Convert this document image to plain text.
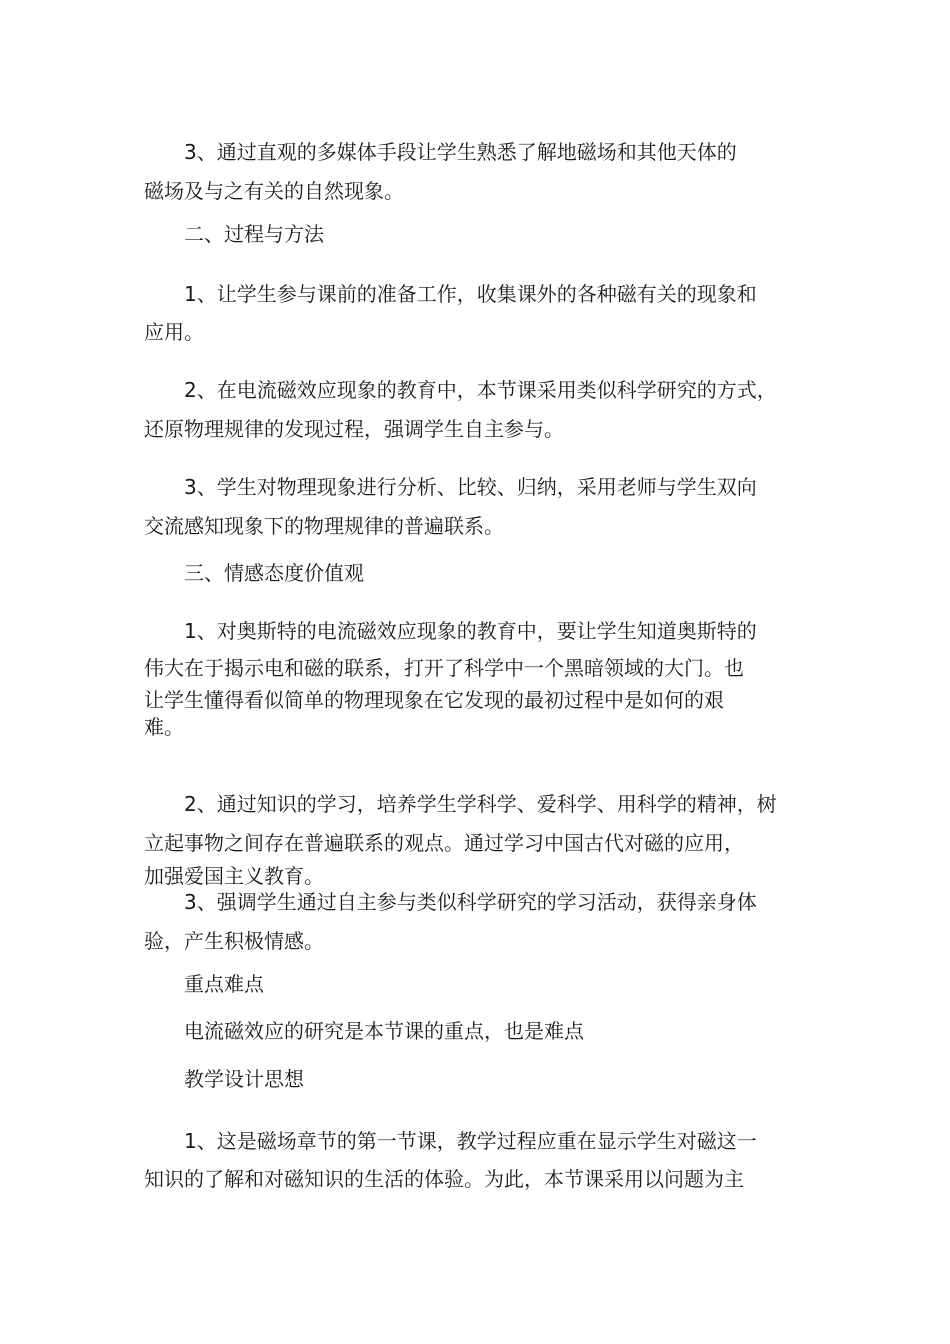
3、通过直观的多媒体手段让学生熟悉了解地磁场和其他天体的
磁场及与之有关的自然现象。
二、过程与方法
1、让学生参与课前的准备工作，收集课外的各种磁有关的现象和
应用。
2、在电流磁效应现象的教育中，本节课采用类似科学研究的方式，
还原物理规律的发现过程，强调学生自主参与。
3、学生对物理现象进行分析、比较、归纳，采用老师与学生双向
交流感知现象下的物理规律的普遍联系。
三、情感态度价值观
1、对奥斯特的电流磁效应现象的教育中，要让学生知道奥斯特的
伟大在于揭示电和磁的联系，打开了科学中一个黑暗领域的大门。也
让学生懂得看似简单的物理现象在它发现的最初过程中是如何的艰
难。
2、通过知识的学习，培养学生学科学、爱科学、用科学的精神，树
立起事物之间存在普遍联系的观点。通过学习中国古代对磁的应用，
加强爱国主义教育。
3、强调学生通过自主参与类似科学研究的学习活动，获得亲身体
验，产生积极情感。
重点难点
电流磁效应的研究是本节课的重点，也是难点
教学设计思想
1、这是磁场章节的第一节课，教学过程应重在显示学生对磁这一
知识的了解和对磁知识的生活的体验。为此，本节课采用以问题为主
